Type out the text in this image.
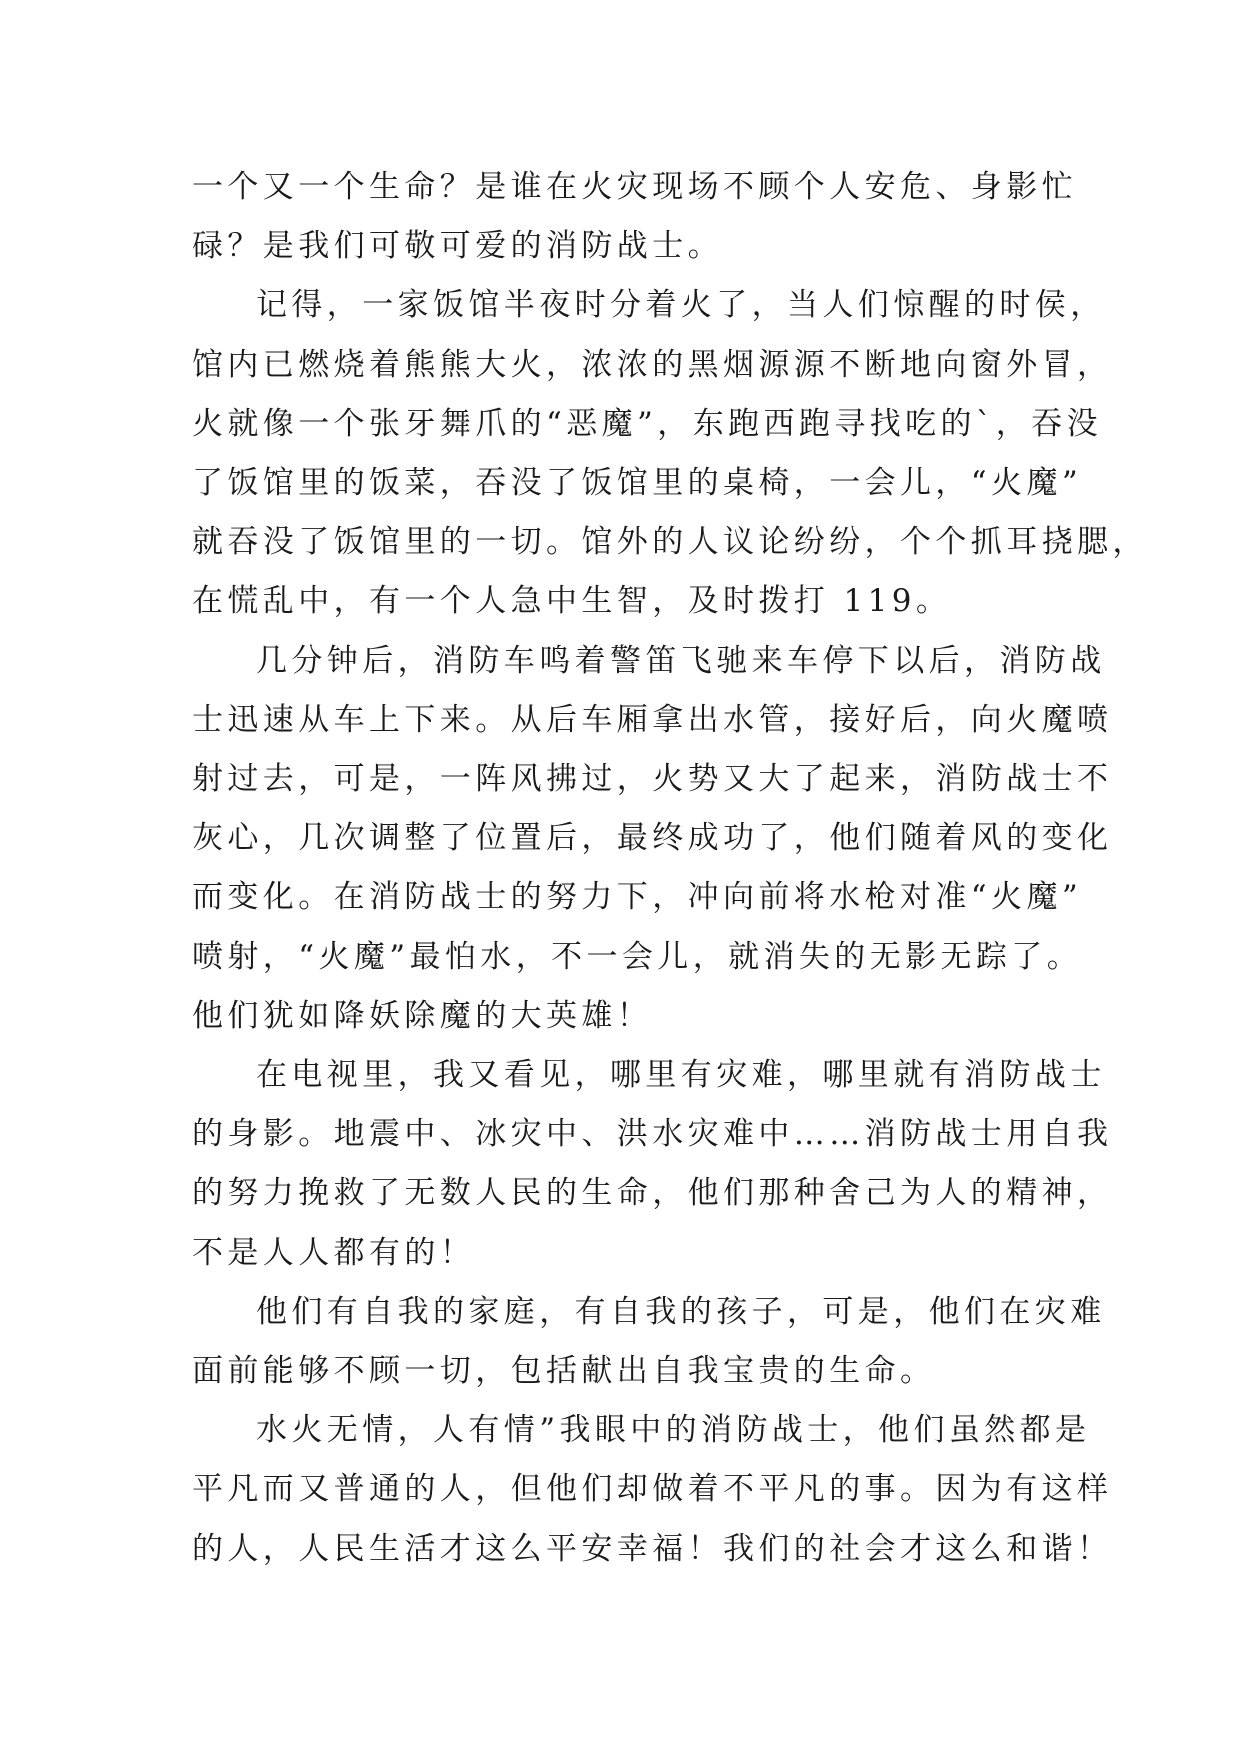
一个又一个生命？是谁在火灾现场不顾个人安危、身影忙
碌？是我们可敬可爱的消防战士。

记得，一家饭馆半夜时分着火了，当人们惊醒的时侯，
馆内已燃烧着熊熊大火，浓浓的黑烟源源不断地向窗外冒，
火就像一个张牙舞爪的“恶魔”，东跑西跑寻找吃的`，吞没
了饭馆里的饭菜，吞没了饭馆里的桌椅，一会儿，“火魔”
就吞没了饭馆里的一切。馆外的人议论纷纷，个个抓耳挠腮，
在慌乱中，有一个人急中生智，及时拨打 119。

几分钟后，消防车鸣着警笛飞驰来车停下以后，消防战
士迅速从车上下来。从后车厢拿出水管，接好后，向火魔喷
射过去，可是，一阵风拂过，火势又大了起来，消防战士不
灰心，几次调整了位置后，最终成功了，他们随着风的变化
而变化。在消防战士的努力下，冲向前将水枪对准“火魔”
喷射，“火魔”最怕水，不一会儿，就消失的无影无踪了。
他们犹如降妖除魔的大英雄！

在电视里，我又看见，哪里有灾难，哪里就有消防战士
的身影。地震中、冰灾中、洪水灾难中……消防战士用自我
的努力挽救了无数人民的生命，他们那种舍己为人的精神，
不是人人都有的！

他们有自我的家庭，有自我的孩子，可是，他们在灾难
面前能够不顾一切，包括献出自我宝贵的生命。

水火无情，人有情”我眼中的消防战士，他们虽然都是
平凡而又普通的人，但他们却做着不平凡的事。因为有这样
的人，人民生活才这么平安幸福！我们的社会才这么和谐！
